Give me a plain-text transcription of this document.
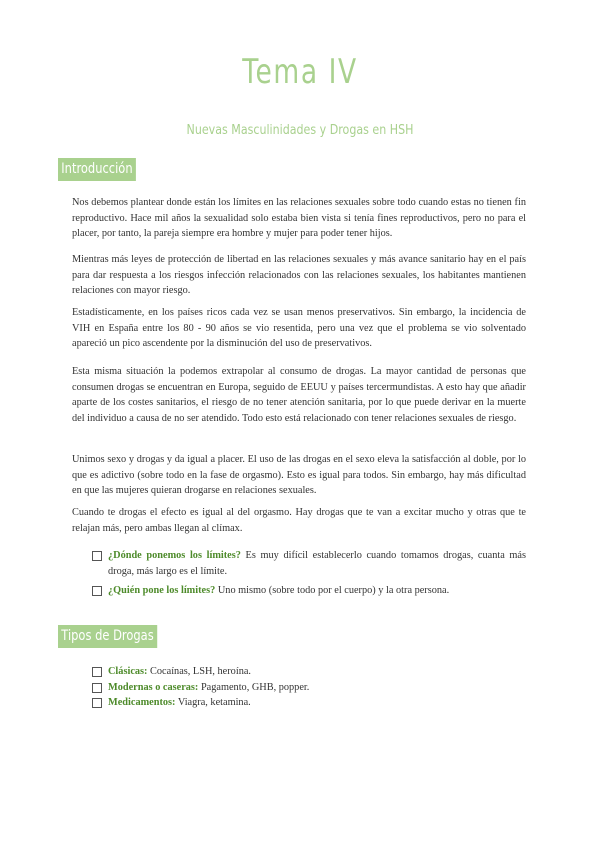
Tema IV
Nuevas Masculinidades y Drogas en HSH
Introducción

Nos debemos plantear donde están los límites en las relaciones sexuales sobre todo cuando estas no tienen fin reproductivo. Hace mil años la sexualidad solo estaba bien vista si tenía fines reproductivos, pero no para el placer, por tanto, la pareja siempre era hombre y mujer para poder tener hijos.

Mientras más leyes de protección de libertad en las relaciones sexuales y más avance sanitario hay en el país para dar respuesta a los riesgos infección relacionados con las relaciones sexuales, los habitantes mantienen relaciones con mayor riesgo.

Estadísticamente, en los países ricos cada vez se usan menos preservativos. Sin embargo, la incidencia de VIH en España entre los 80 - 90 años se vio resentida, pero una vez que el problema se vio solventado apareció un pico ascendente por la disminución del uso de preservativos.

Esta misma situación la podemos extrapolar al consumo de drogas. La mayor cantidad de personas que consumen drogas se encuentran en Europa, seguido de EEUU y países tercermundistas. A esto hay que añadir aparte de los costes sanitarios, el riesgo de no tener atención sanitaria, por lo que puede derivar en la muerte del individuo a causa de no ser atendido. Todo esto está relacionado con tener relaciones sexuales de riesgo.

Unimos sexo y drogas y da igual a placer. El uso de las drogas en el sexo eleva la satisfacción al doble, por lo que es adictivo (sobre todo en la fase de orgasmo). Esto es igual para todos. Sin embargo, hay más dificultad en que las mujeres quieran drogarse en relaciones sexuales.

Cuando te drogas el efecto es igual al del orgasmo. Hay drogas que te van a excitar mucho y otras que te relajan más, pero ambas llegan al clímax.

¿Dónde ponemos los límites? Es muy difícil establecerlo cuando tomamos drogas, cuanta más droga, más largo es el límite.
¿Quién pone los límites? Uno mismo (sobre todo por el cuerpo) y la otra persona.
Tipos de Drogas
Clásicas: Cocaínas, LSH, heroína.
Modernas o caseras: Pagamento, GHB, popper.
Medicamentos: Viagra, ketamina.
